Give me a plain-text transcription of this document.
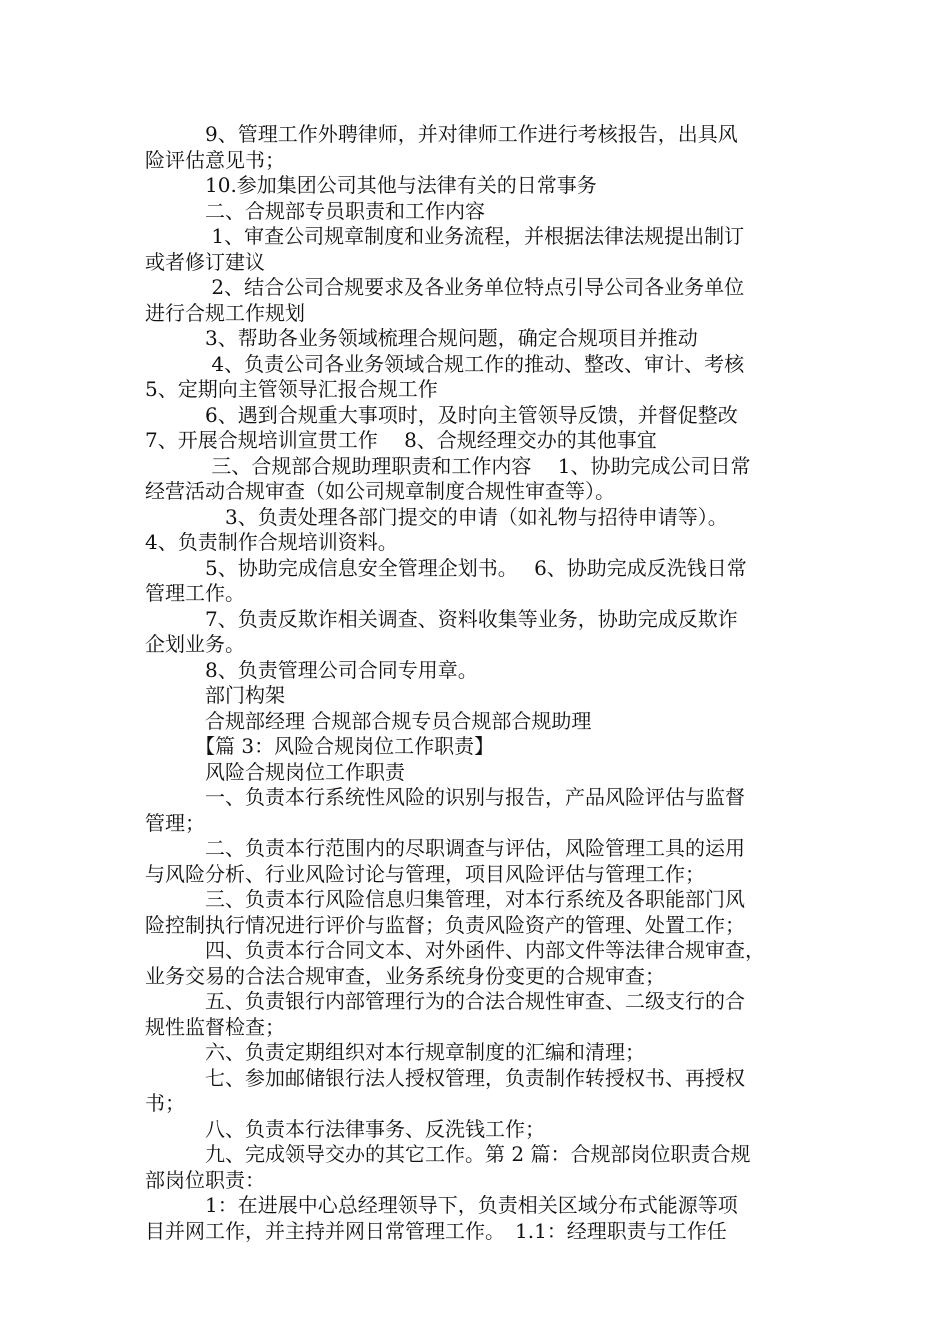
　　　9、管理工作外聘律师，并对律师工作进行考核报告，出具风
险评估意见书；
　　　10.参加集团公司其他与法律有关的日常事务
　　　二、合规部专员职责和工作内容
　　　 1、审查公司规章制度和业务流程，并根据法律法规提出制订
或者修订建议
　　　 2、结合公司合规要求及各业务单位特点引导公司各业务单位
进行合规工作规划
　　　3、帮助各业务领域梳理合规问题，确定合规项目并推动
　　　 4、负责公司各业务领域合规工作的推动、整改、审计、考核
5、定期向主管领导汇报合规工作
　　　6、遇到合规重大事项时，及时向主管领导反馈，并督促整改
7、开展合规培训宣贯工作　 8、合规经理交办的其他事宜
　　　 三、合规部合规助理职责和工作内容　 1、协助完成公司日常
经营活动合规审查（如公司规章制度合规性审查等）。
　　　　3、负责处理各部门提交的申请（如礼物与招待申请等）。
4、负责制作合规培训资料。
　　　5、协助完成信息安全管理企划书。　 6、协助完成反洗钱日常
管理工作。
　　　7、负责反欺诈相关调查、资料收集等业务，协助完成反欺诈
企划业务。
　　　8、负责管理公司合同专用章。
　　　部门构架
　　　合规部经理 合规部合规专员合规部合规助理
　　　【篇 3：风险合规岗位工作职责】
　　　风险合规岗位工作职责
　　　一、负责本行系统性风险的识别与报告，产品风险评估与监督
管理；
　　　二、负责本行范围内的尽职调查与评估，风险管理工具的运用
与风险分析、行业风险讨论与管理，项目风险评估与管理工作；
　　　三、负责本行风险信息归集管理，对本行系统及各职能部门风
险控制执行情况进行评价与监督；负责风险资产的管理、处置工作；
　　　四、负责本行合同文本、对外函件、内部文件等法律合规审查，
业务交易的合法合规审查，业务系统身份变更的合规审查；
　　　五、负责银行内部管理行为的合法合规性审查、二级支行的合
规性监督检查；
　　　六、负责定期组织对本行规章制度的汇编和清理；
　　　七、参加邮储银行法人授权管理，负责制作转授权书、再授权
书；
　　　八、负责本行法律事务、反洗钱工作；
　　　九、完成领导交办的其它工作。第 2 篇：合规部岗位职责合规
部岗位职责：
　　　1：在进展中心总经理领导下，负责相关区域分布式能源等项
目并网工作，并主持并网日常管理工作。　1.1：经理职责与工作任
